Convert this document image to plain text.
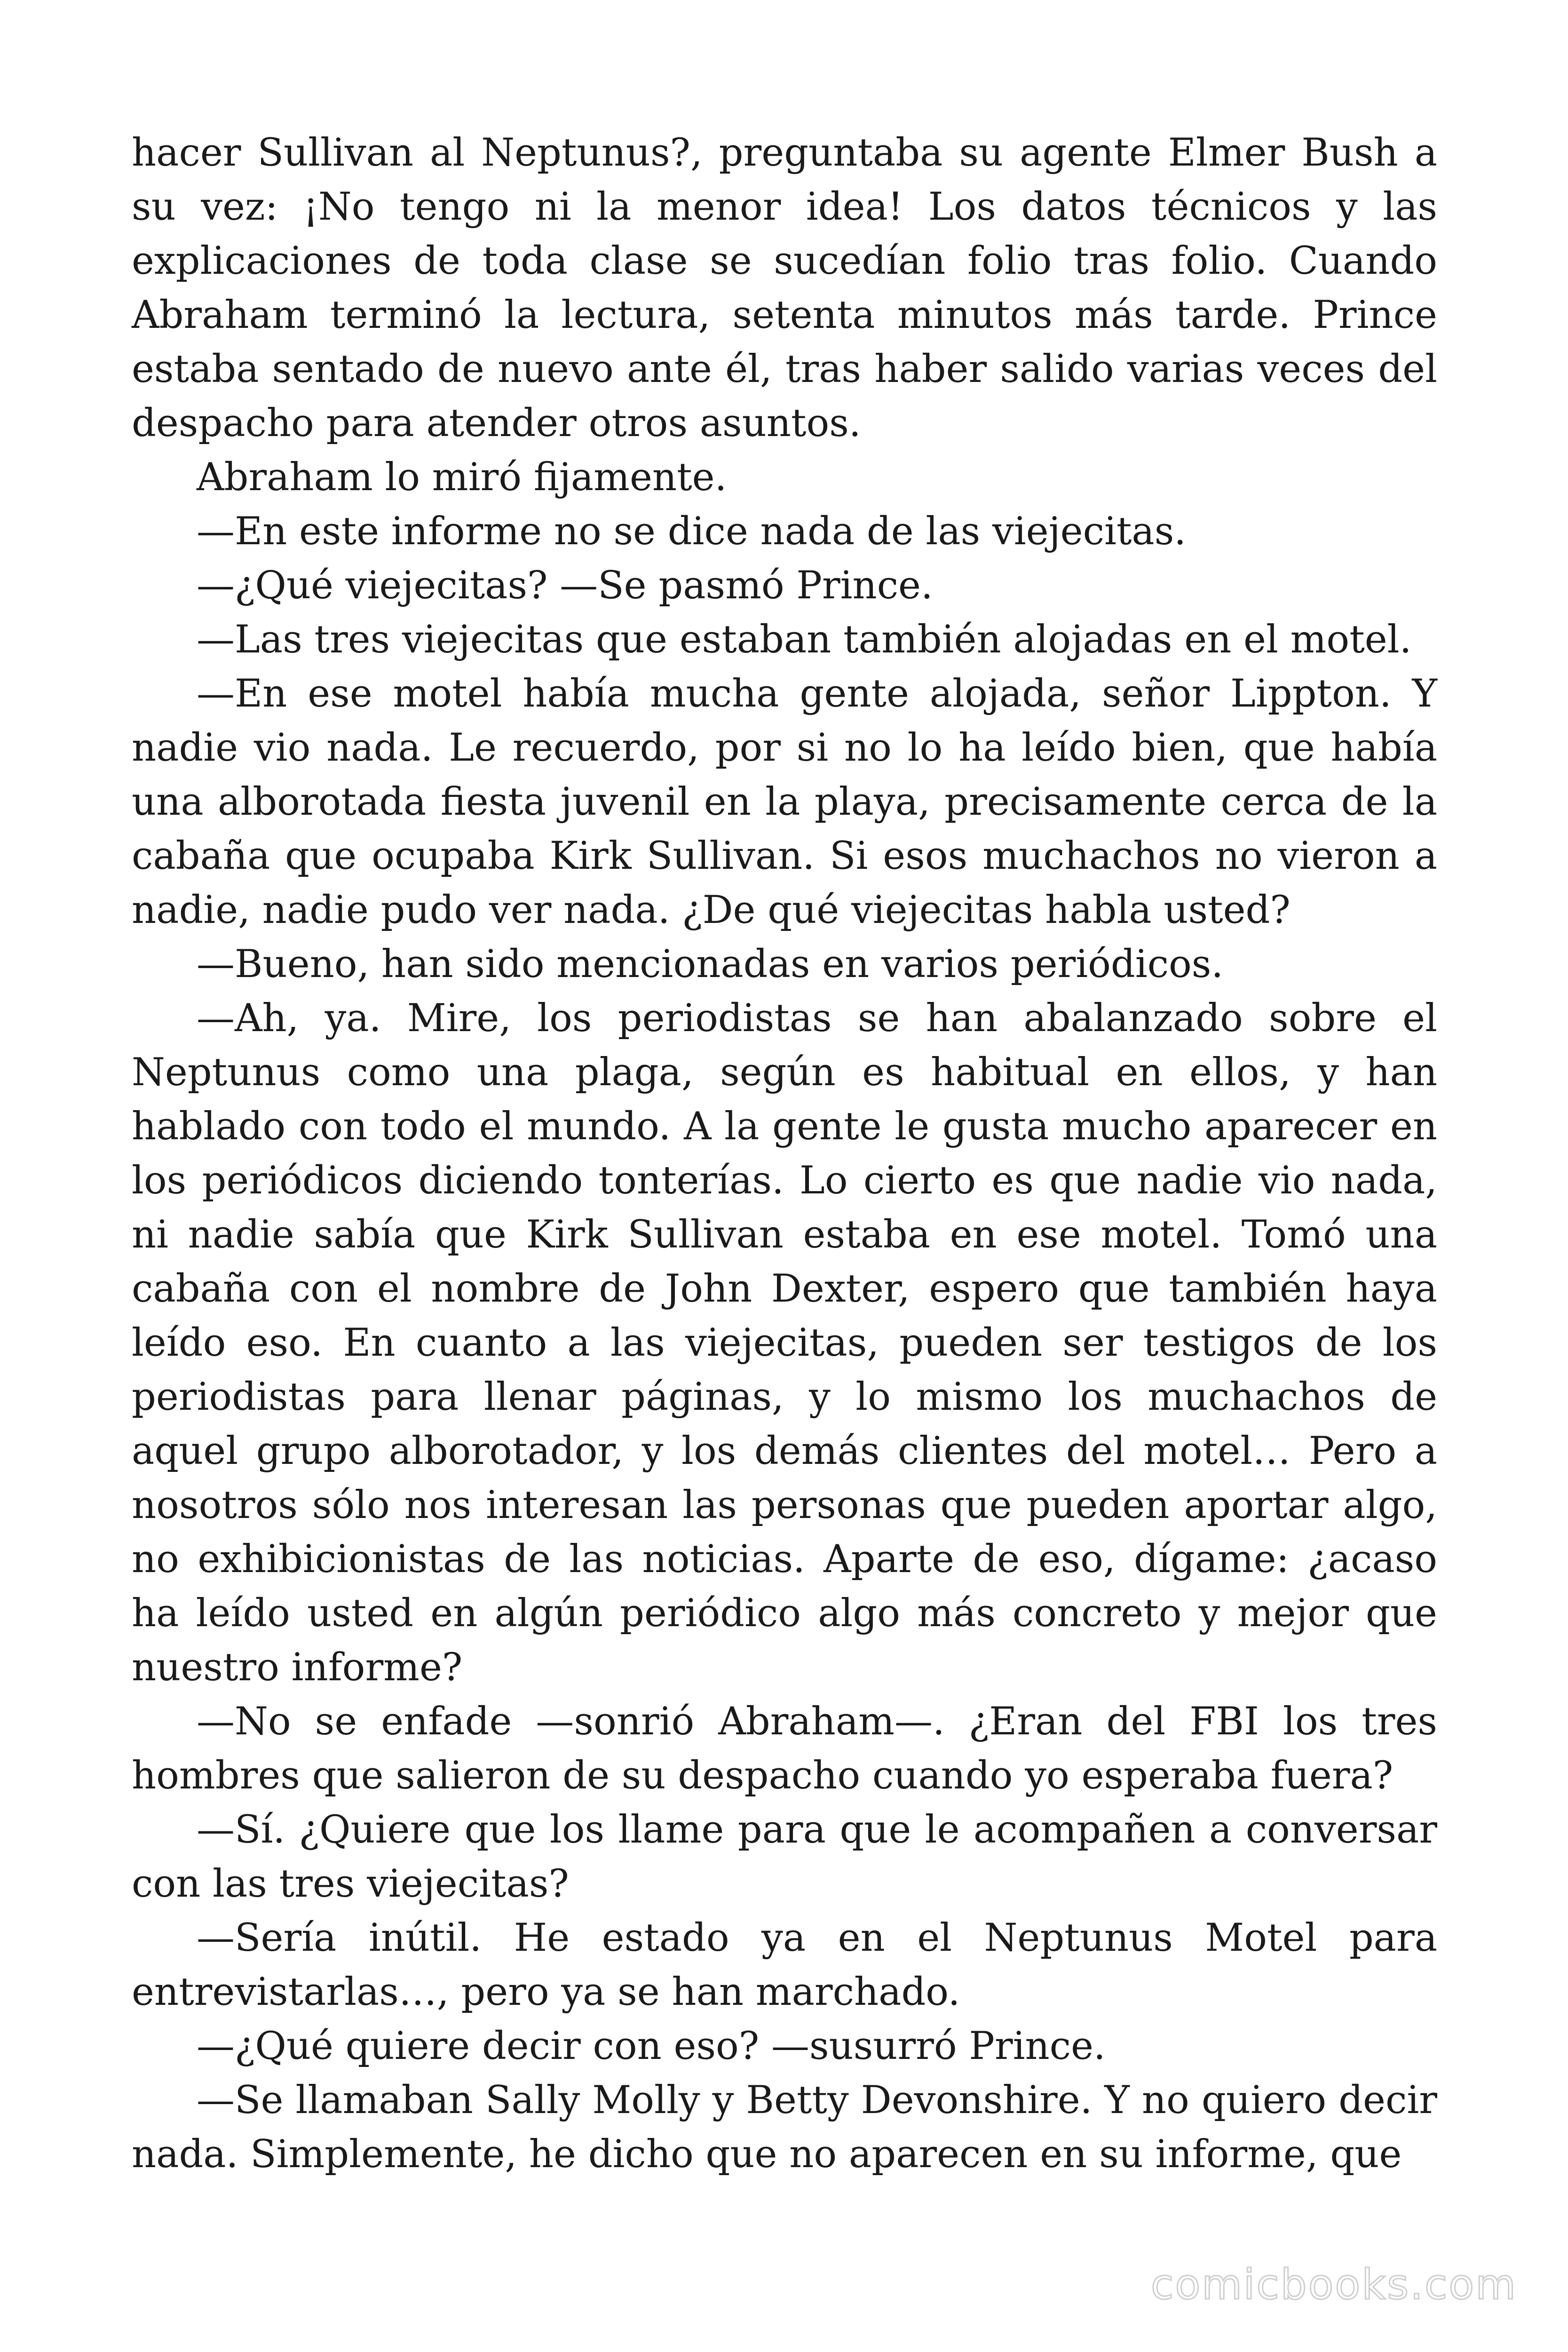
hacer Sullivan al Neptunus?, preguntaba su agente Elmer Bush a su vez: ¡No tengo ni la menor idea! Los datos técnicos y las explicaciones de toda clase se sucedían folio tras folio. Cuando Abraham terminó la lectura, setenta minutos más tarde. Prince estaba sentado de nuevo ante él, tras haber salido varias veces del despacho para atender otros asuntos.

Abraham lo miró fijamente.

—En este informe no se dice nada de las viejecitas.

—¿Qué viejecitas? —Se pasmó Prince.

—Las tres viejecitas que estaban también alojadas en el motel.

—En ese motel había mucha gente alojada, señor Lippton. Y nadie vio nada. Le recuerdo, por si no lo ha leído bien, que había una alborotada fiesta juvenil en la playa, precisamente cerca de la cabaña que ocupaba Kirk Sullivan. Si esos muchachos no vieron a nadie, nadie pudo ver nada. ¿De qué viejecitas habla usted?

—Bueno, han sido mencionadas en varios periódicos.

—Ah, ya. Mire, los periodistas se han abalanzado sobre el Neptunus como una plaga, según es habitual en ellos, y han hablado con todo el mundo. A la gente le gusta mucho aparecer en los periódicos diciendo tonterías. Lo cierto es que nadie vio nada, ni nadie sabía que Kirk Sullivan estaba en ese motel. Tomó una cabaña con el nombre de John Dexter, espero que también haya leído eso. En cuanto a las viejecitas, pueden ser testigos de los periodistas para llenar páginas, y lo mismo los muchachos de aquel grupo alborotador, y los demás clientes del motel… Pero a nosotros sólo nos interesan las personas que pueden aportar algo, no exhibicionistas de las noticias. Aparte de eso, dígame: ¿acaso ha leído usted en algún periódico algo más concreto y mejor que nuestro informe?

—No se enfade —sonrió Abraham—. ¿Eran del FBI los tres hombres que salieron de su despacho cuando yo esperaba fuera?

—Sí. ¿Quiere que los llame para que le acompañen a conversar con las tres viejecitas?

—Sería inútil. He estado ya en el Neptunus Motel para entrevistarlas…, pero ya se han marchado.

—¿Qué quiere decir con eso? —susurró Prince.

—Se llamaban Sally Molly y Betty Devonshire. Y no quiero decir nada. Simplemente, he dicho que no aparecen en su informe, que

comicbooks.com
